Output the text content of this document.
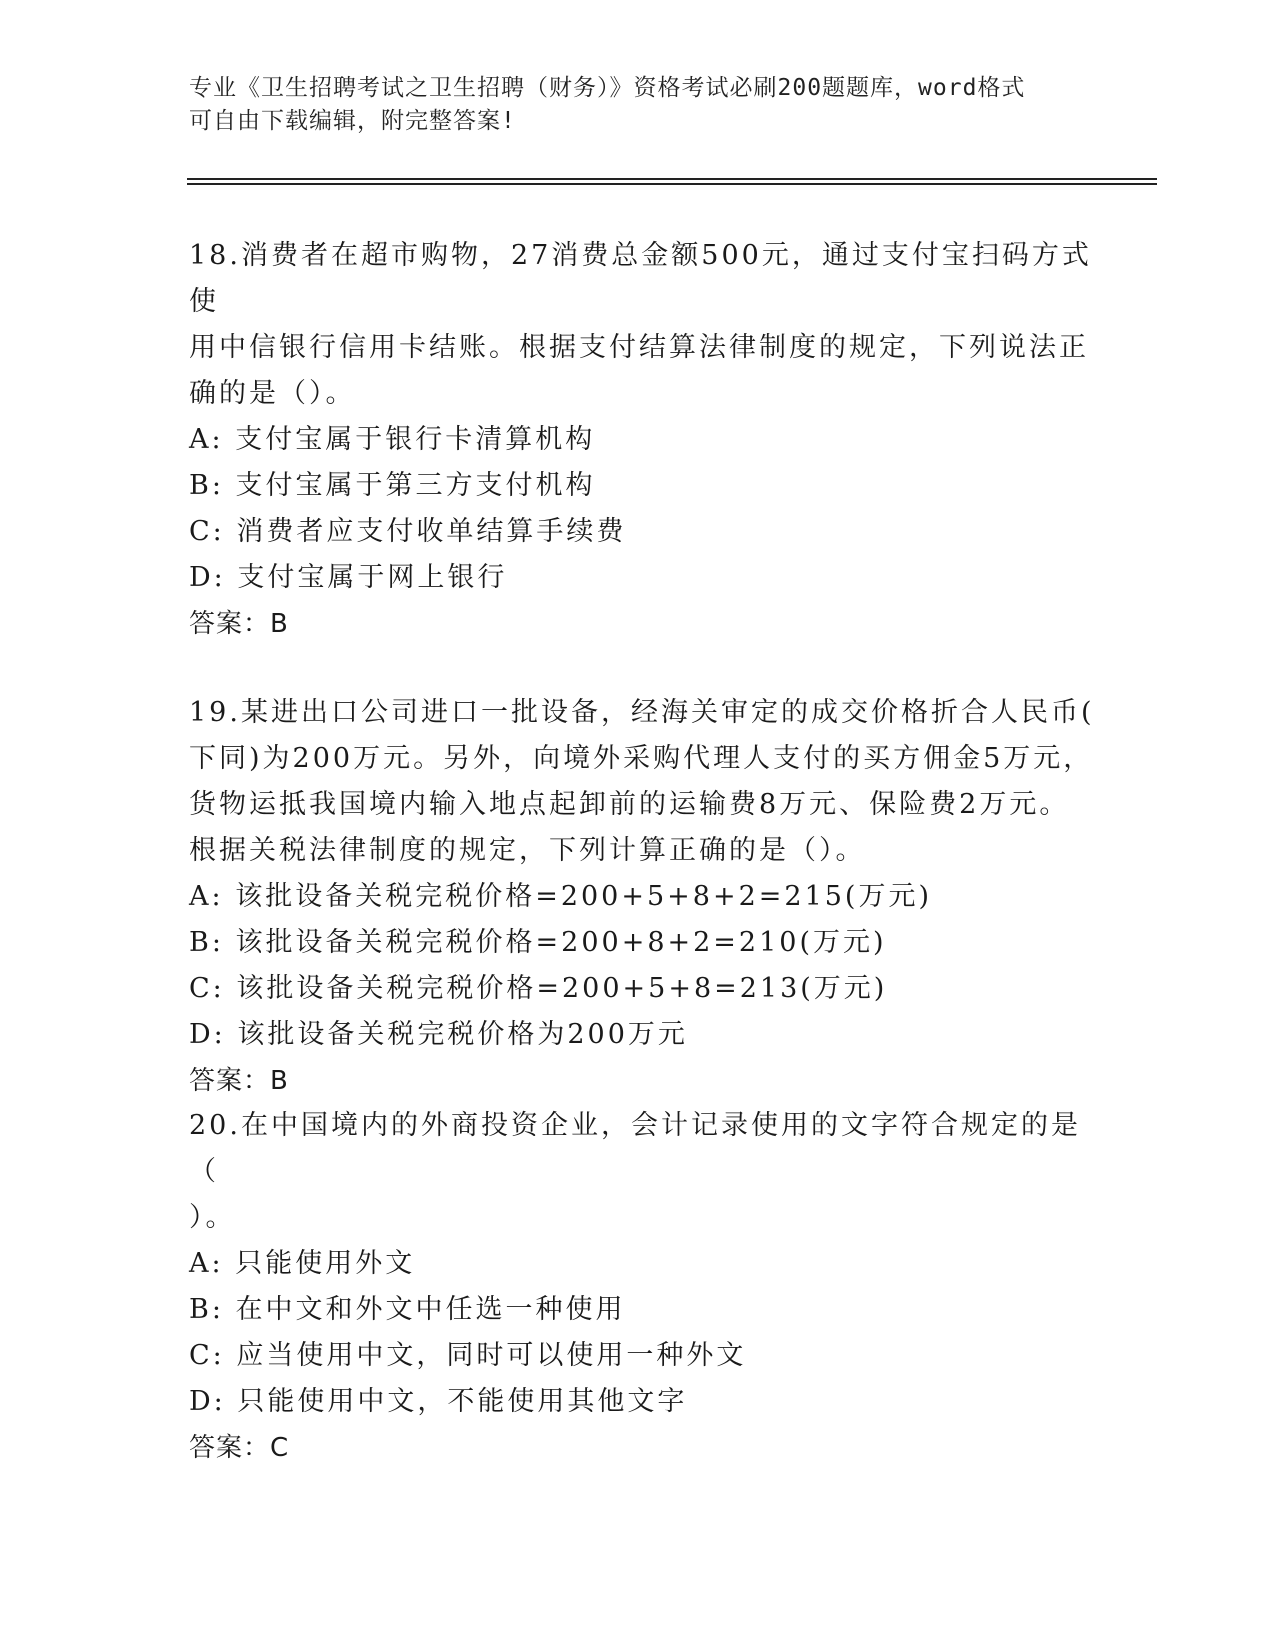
专业《卫生招聘考试之卫生招聘（财务）》资格考试必刷200题题库，word格式
可自由下载编辑，附完整答案!

18.消费者在超市购物，27消费总金额500元，通过支付宝扫码方式使

用中信银行信用卡结账。根据支付结算法律制度的规定，下列说法正

确的是（）。

A: 支付宝属于银行卡清算机构

B: 支付宝属于第三方支付机构

C: 消费者应支付收单结算手续费

D: 支付宝属于网上银行

答案：B

19.某进出口公司进口一批设备，经海关审定的成交价格折合人民币(

下同)为200万元。另外，向境外采购代理人支付的买方佣金5万元，

货物运抵我国境内输入地点起卸前的运输费8万元、保险费2万元。

根据关税法律制度的规定，下列计算正确的是（）。

A: 该批设备关税完税价格=200+5+8+2=215(万元)

B: 该批设备关税完税价格=200+8+2=210(万元)

C: 该批设备关税完税价格=200+5+8=213(万元)

D: 该批设备关税完税价格为200万元

答案：B

20.在中国境内的外商投资企业，会计记录使用的文字符合规定的是（

）。

A: 只能使用外文

B: 在中文和外文中任选一种使用

C: 应当使用中文，同时可以使用一种外文

D: 只能使用中文，不能使用其他文字

答案：C
